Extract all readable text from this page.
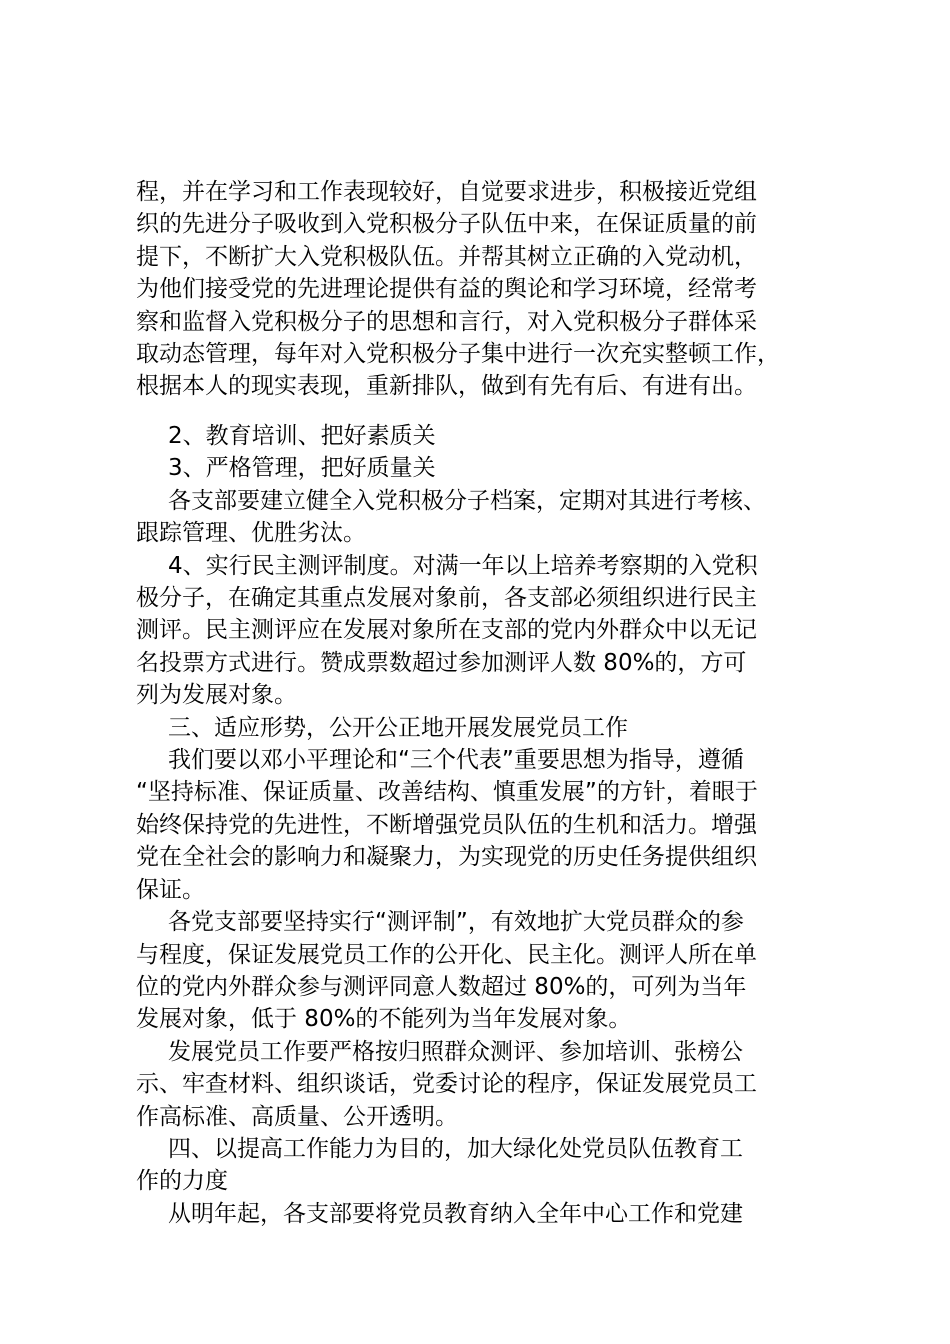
程，并在学习和工作表现较好，自觉要求进步，积极接近党组
织的先进分子吸收到入党积极分子队伍中来，在保证质量的前
提下，不断扩大入党积极队伍。并帮其树立正确的入党动机，
为他们接受党的先进理论提供有益的舆论和学习环境，经常考
察和监督入党积极分子的思想和言行，对入党积极分子群体采
取动态管理，每年对入党积极分子集中进行一次充实整顿工作，
根据本人的现实表现，重新排队，做到有先有后、有进有出。
2、教育培训、把好素质关
3、严格管理，把好质量关
各支部要建立健全入党积极分子档案，定期对其进行考核、
跟踪管理、优胜劣汰。
4、实行民主测评制度。对满一年以上培养考察期的入党积
极分子，在确定其重点发展对象前，各支部必须组织进行民主
测评。民主测评应在发展对象所在支部的党内外群众中以无记
名投票方式进行。赞成票数超过参加测评人数 80%的，方可
列为发展对象。
三、适应形势，公开公正地开展发展党员工作
我们要以邓小平理论和“三个代表”重要思想为指导，遵循
“坚持标准、保证质量、改善结构、慎重发展”的方针，着眼于
始终保持党的先进性，不断增强党员队伍的生机和活力。增强
党在全社会的影响力和凝聚力，为实现党的历史任务提供组织
保证。
各党支部要坚持实行“测评制”，有效地扩大党员群众的参
与程度，保证发展党员工作的公开化、民主化。测评人所在单
位的党内外群众参与测评同意人数超过 80%的，可列为当年
发展对象，低于 80%的不能列为当年发展对象。
发展党员工作要严格按归照群众测评、参加培训、张榜公
示、牢查材料、组织谈话，党委讨论的程序，保证发展党员工
作高标准、高质量、公开透明。
四、以提高工作能力为目的，加大绿化处党员队伍教育工
作的力度
从明年起，各支部要将党员教育纳入全年中心工作和党建
